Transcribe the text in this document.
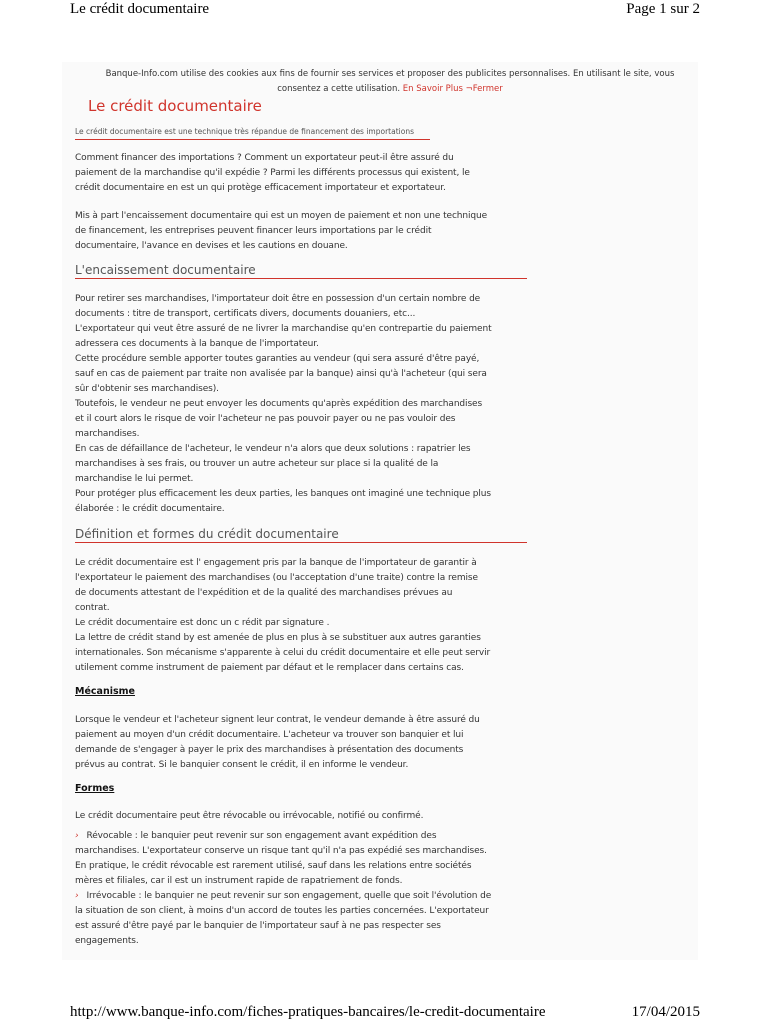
Le crédit documentaire	Page 1 sur 2
Banque-Info.com utilise des cookies aux fins de fournir ses services et proposer des publicites personnalises. En utilisant le site, vous
consentez a cette utilisation. En Savoir Plus ¬Fermer
Le crédit documentaire
Le crédit documentaire est une technique très répandue de financement des importations
Comment financer des importations ? Comment un exportateur peut-il être assuré du
paiement de la marchandise qu'il expédie ? Parmi les différents processus qui existent, le
crédit documentaire en est un qui protège efficacement importateur et exportateur.
Mis à part l'encaissement documentaire qui est un moyen de paiement et non une technique
de financement, les entreprises peuvent financer leurs importations par le crédit
documentaire, l'avance en devises et les cautions en douane.
L'encaissement documentaire
Pour retirer ses marchandises, l'importateur doit être en possession d'un certain nombre de
documents : titre de transport, certificats divers, documents douaniers, etc...
L'exportateur qui veut être assuré de ne livrer la marchandise qu'en contrepartie du paiement
adressera ces documents à la banque de l'importateur.
Cette procédure semble apporter toutes garanties au vendeur (qui sera assuré d'être payé,
sauf en cas de paiement par traite non avalisée par la banque) ainsi qu'à l'acheteur (qui sera
sûr d'obtenir ses marchandises).
Toutefois, le vendeur ne peut envoyer les documents qu'après expédition des marchandises
et il court alors le risque de voir l'acheteur ne pas pouvoir payer ou ne pas vouloir des
marchandises.
En cas de défaillance de l'acheteur, le vendeur n'a alors que deux solutions : rapatrier les
marchandises à ses frais, ou trouver un autre acheteur sur place si la qualité de la
marchandise le lui permet.
Pour protéger plus efficacement les deux parties, les banques ont imaginé une technique plus
élaborée : le crédit documentaire.
Définition et formes du crédit documentaire
Le crédit documentaire est l' engagement pris par la banque de l'importateur de garantir à
l'exportateur le paiement des marchandises (ou l'acceptation d'une traite) contre la remise
de documents attestant de l'expédition et de la qualité des marchandises prévues au
contrat.
Le crédit documentaire est donc un c rédit par signature .
La lettre de crédit stand by est amenée de plus en plus à se substituer aux autres garanties
internationales. Son mécanisme s'apparente à celui du crédit documentaire et elle peut servir
utilement comme instrument de paiement par défaut et le remplacer dans certains cas.
Mécanisme
Lorsque le vendeur et l'acheteur signent leur contrat, le vendeur demande à être assuré du
paiement au moyen d'un crédit documentaire. L'acheteur va trouver son banquier et lui
demande de s'engager à payer le prix des marchandises à présentation des documents
prévus au contrat. Si le banquier consent le crédit, il en informe le vendeur.
Formes
Le crédit documentaire peut être révocable ou irrévocable, notifié ou confirmé.
› Révocable : le banquier peut revenir sur son engagement avant expédition des
marchandises. L'exportateur conserve un risque tant qu'il n'a pas expédié ses marchandises.
En pratique, le crédit révocable est rarement utilisé, sauf dans les relations entre sociétés
mères et filiales, car il est un instrument rapide de rapatriement de fonds.
› Irrévocable : le banquier ne peut revenir sur son engagement, quelle que soit l'évolution de
la situation de son client, à moins d'un accord de toutes les parties concernées. L'exportateur
est assuré d'être payé par le banquier de l'importateur sauf à ne pas respecter ses
engagements.
http://www.banque-info.com/fiches-pratiques-bancaires/le-credit-documentaire	17/04/2015
